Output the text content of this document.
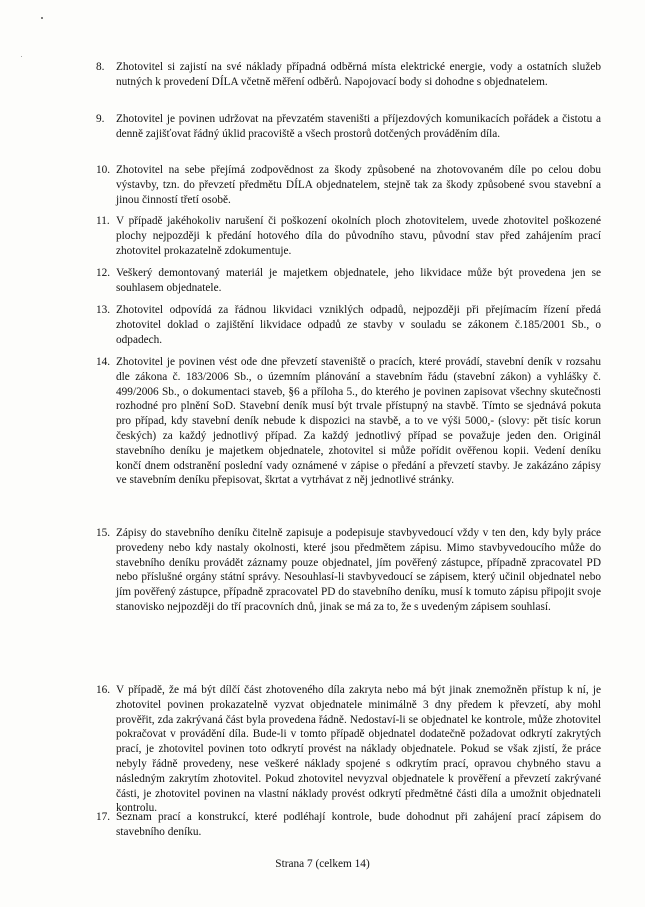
8.	Zhotovitel si zajistí na své náklady případná odběrná místa elektrické energie, vody a ostatních služeb nutných k provedení DÍLA včetně měření odběrů. Napojovací body si dohodne s objednatelem.
9.	Zhotovitel je povinen udržovat na převzatém staveništi a příjezdových komunikacích pořádek a čistotu a denně zajišťovat řádný úklid pracoviště a všech prostorů dotčených prováděním díla.
10. Zhotovitel na sebe přejímá zodpovědnost za škody způsobené na zhotovovaném díle po celou dobu výstavby, tzn. do převzetí předmětu DÍLA objednatelem, stejně tak za škody způsobené svou stavební a jinou činností třetí osobě.
11. V případě jakéhokoliv narušení či poškození okolních ploch zhotovitelem, uvede zhotovitel poškozené plochy nejpozději k předání hotového díla do původního stavu, původní stav před zahájením prací zhotovitel prokazatelně zdokumentuje.
12. Veškerý demontovaný materiál je majetkem objednatele, jeho likvidace může být provedena jen se souhlasem objednatele.
13. Zhotovitel odpovídá za řádnou likvidaci vzniklých odpadů, nejpozději při přejímacím řízení předá zhotovitel doklad o zajištění likvidace odpadů ze stavby v souladu se zákonem č.185/2001 Sb., o odpadech.
14. Zhotovitel je povinen vést ode dne převzetí staveniště o pracích, které provádí, stavební deník v rozsahu dle zákona č. 183/2006 Sb., o územním plánování a stavebním řádu (stavební zákon) a vyhlášky č. 499/2006 Sb., o dokumentaci staveb, §6 a příloha 5., do kterého je povinen zapisovat všechny skutečnosti rozhodné pro plnění SoD. Stavební deník musí být trvale přístupný na stavbě. Tímto se sjednává pokuta pro případ, kdy stavební deník nebude k dispozici na stavbě, a to ve výši 5000,- (slovy: pět tisíc korun českých) za každý jednotlivý případ. Za každý jednotlivý případ se považuje jeden den. Originál stavebního deníku je majetkem objednatele, zhotovitel si může pořídit ověřenou kopii. Vedení deníku končí dnem odstranění poslední vady oznámené v zápise o předání a převzetí stavby. Je zakázáno zápisy ve stavebním deníku přepisovat, škrtat a vytrhávat z něj jednotlivé stránky.
15. Zápisy do stavebního deníku čitelně zapisuje a podepisuje stavbyvedoucí vždy v ten den, kdy byly práce provedeny nebo kdy nastaly okolnosti, které jsou předmětem zápisu. Mimo stavbyvedoucího může do stavebního deníku provádět záznamy pouze objednatel, jím pověřený zástupce, případně zpracovatel PD nebo příslušné orgány státní správy. Nesouhlasí-li stavbyvedoucí se zápisem, který učinil objednatel nebo jím pověřený zástupce, případně zpracovatel PD do stavebního deníku, musí k tomuto zápisu připojit svoje stanovisko nejpozději do tří pracovních dnů, jinak se má za to, že s uvedeným zápisem souhlasí.
16. V případě, že má být dílčí část zhotoveného díla zakryta nebo má být jinak znemožněn přístup k ní, je zhotovitel povinen prokazatelně vyzvat objednatele minimálně 3 dny předem k převzetí, aby mohl prověřit, zda zakrývaná část byla provedena řádně. Nedostaví-li se objednatel ke kontrole, může zhotovitel pokračovat v provádění díla. Bude-li v tomto případě objednatel dodatečně požadovat odkrytí zakrytých prací, je zhotovitel povinen toto odkrytí provést na náklady objednatele. Pokud se však zjistí, že práce nebyly řádně provedeny, nese veškeré náklady spojené s odkrytím prací, opravou chybného stavu a následným zakrytím zhotovitel. Pokud zhotovitel nevyzval objednatele k prověření a převzetí zakrývané části, je zhotovitel povinen na vlastní náklady provést odkrytí předmětné části díla a umožnit objednateli kontrolu.
17. Seznam prací a konstrukcí, které podléhají kontrole, bude dohodnut při zahájení prací zápisem do stavebního deníku.
Strana 7 (celkem 14)
